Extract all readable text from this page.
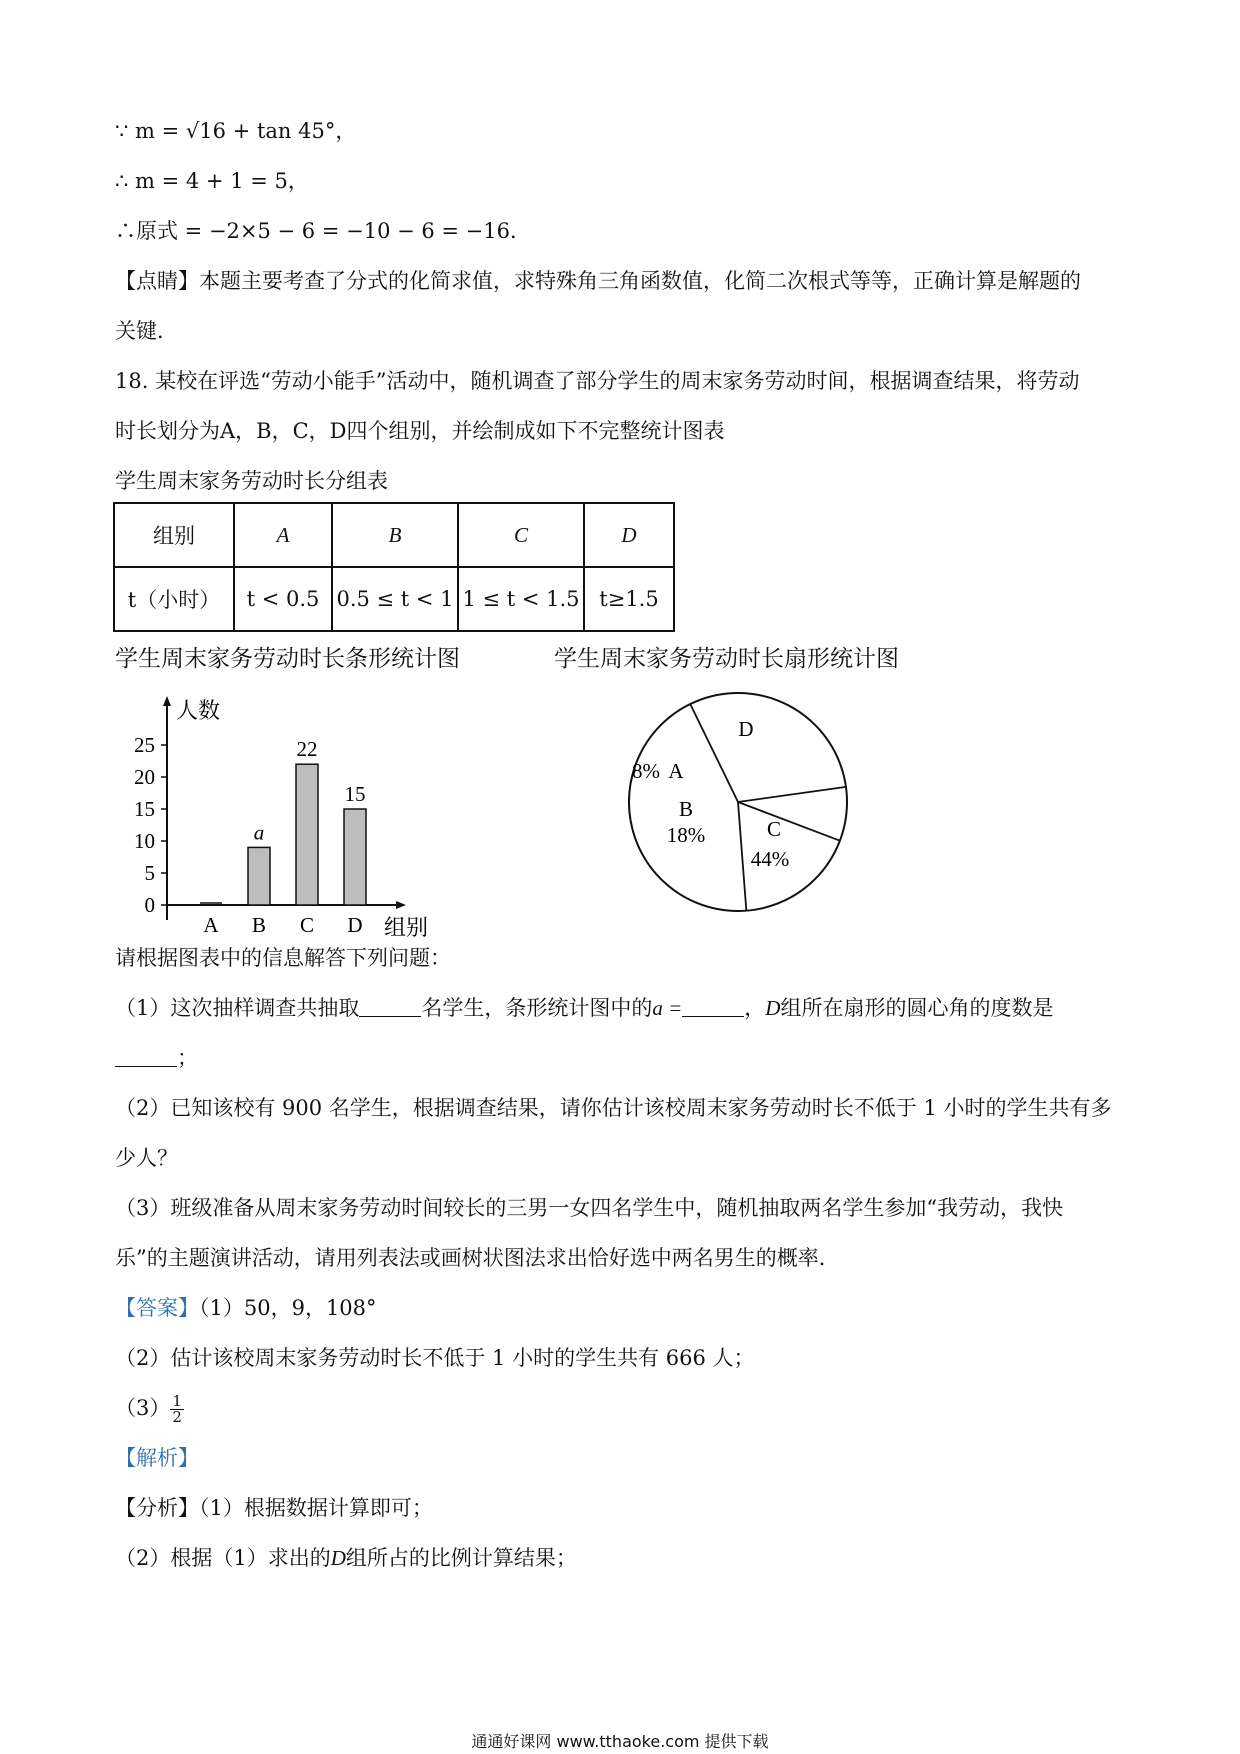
∵ m = √16 + tan 45°，
∴ m = 4 + 1 = 5，
∴原式 = −2×5 − 6 = −10 − 6 = −16．
【点睛】本题主要考查了分式的化简求值，求特殊角三角函数值，化简二次根式等等，正确计算是解题的
关键．
18. 某校在评选“劳动小能手”活动中，随机调查了部分学生的周末家务劳动时间，根据调查结果，将劳动
时长划分为A，B，C，D四个组别，并绘制成如下不完整统计图表
学生周末家务劳动时长分组表
组别	A	B	C	D
t（小时）	t < 0.5	0.5 ≤ t < 1	1 ≤ t < 1.5	t≥1.5
学生周末家务劳动时长条形统计图	学生周末家务劳动时长扇形统计图
人数
组别
0
5
10
15
20
25
A B
a
C
22
D
15
D
A
8%
B
18%	C
44%
请根据图表中的信息解答下列问题：
（1）这次抽样调查共抽取	名学生，条形统计图中的a =	，D组所在扇形的圆心角的度数是
；
（2）已知该校有 900 名学生，根据调查结果，请你估计该校周末家务劳动时长不低于 1 小时的学生共有多
少人？
（3）班级准备从周末家务劳动时间较长的三男一女四名学生中，随机抽取两名学生参加“我劳动，我快
乐”的主题演讲活动，请用列表法或画树状图法求出恰好选中两名男生的概率．
【答案】（1）50，9，108°
（2）估计该校周末家务劳动时长不低于 1 小时的学生共有 666 人；
$(3) \frac{1}{2}$
【解析】
【分析】（1）根据数据计算即可；
（2）根据（1）求出的D组所占的比例计算结果；
通通好课网 www.tthaoke.com 提供下载
